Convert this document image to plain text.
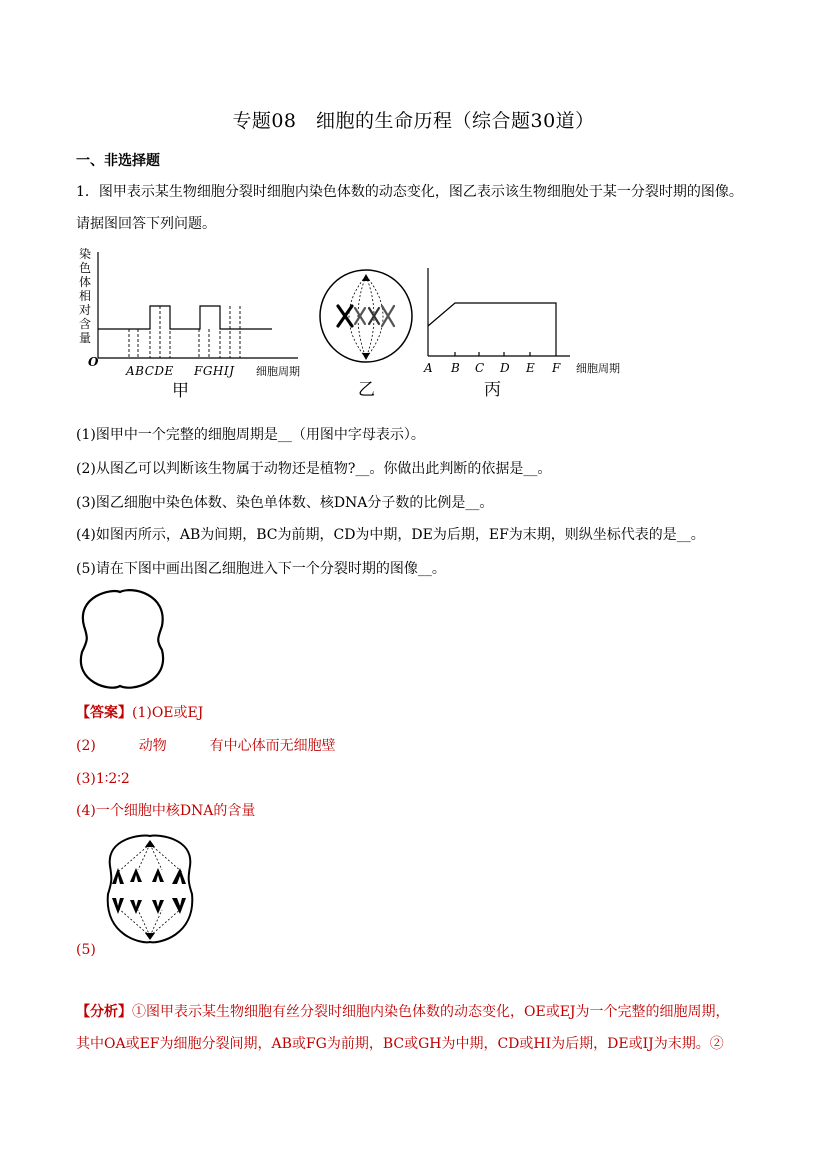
专题08　细胞的生命历程（综合题30道）
一、非选择题
1．图甲表示某生物细胞分裂时细胞内染色体数的动态变化，图乙表示该生物细胞处于某一分裂时期的图像。
请据图回答下列问题。
染
色
体
相
对
含
量
O
ABCDE FGHIJ 细胞周期
甲	乙
A B C D E F 细胞周期
丙
(1)图甲中一个完整的细胞周期是__（用图中字母表示）。
(2)从图乙可以判断该生物属于动物还是植物?__。你做出此判断的依据是__。
(3)图乙细胞中染色体数、染色单体数、核DNA分子数的比例是__。
(4)如图丙所示，AB为间期，BC为前期，CD为中期，DE为后期，EF为末期，则纵坐标代表的是__。
(5)请在下图中画出图乙细胞进入下一个分裂时期的图像__。
【答案】(1)OE或EJ
(2)	动物	有中心体而无细胞壁
(3)1∶2∶2
(4)一个细胞中核DNA的含量
(5)
【分析】①图甲表示某生物细胞有丝分裂时细胞内染色体数的动态变化，OE或EJ为一个完整的细胞周期，
其中OA或EF为细胞分裂间期，AB或FG为前期，BC或GH为中期，CD或HI为后期，DE或IJ为末期。②
